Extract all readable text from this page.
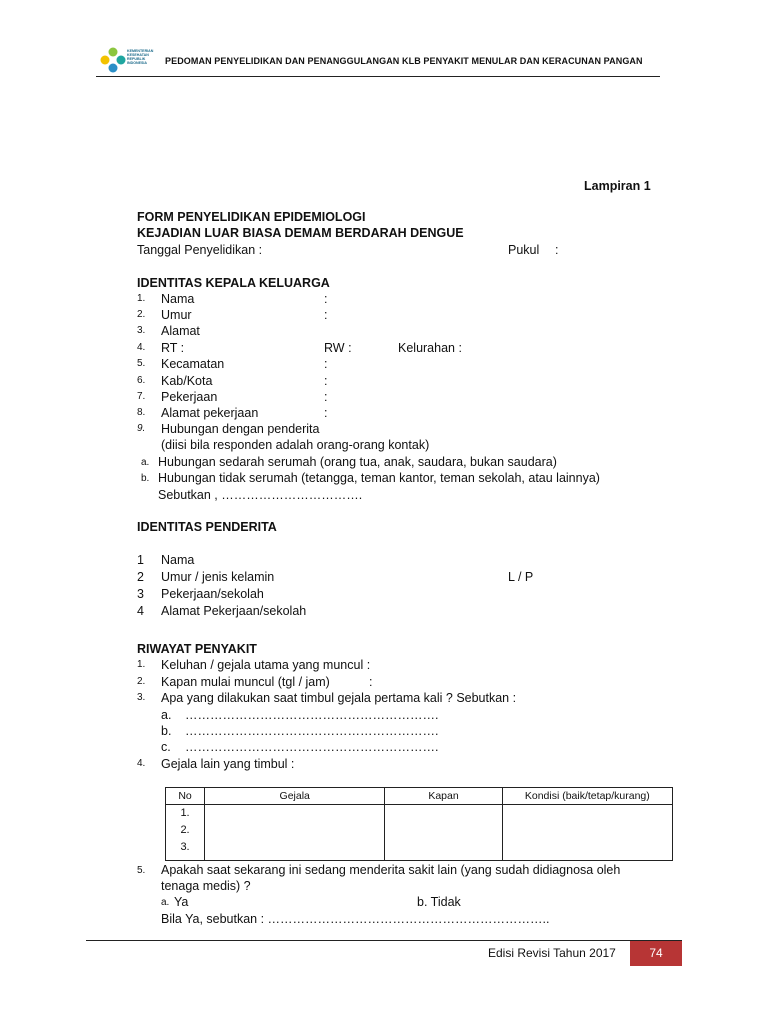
KEMENTERIAN
KESEHATAN
REPUBLIK
INDONESIA	PEDOMAN PENYELIDIKAN DAN PENANGGULANGAN KLB PENYAKIT MENULAR DAN KERACUNAN PANGAN
Lampiran 1
FORM PENYELIDIKAN EPIDEMIOLOGI
KEJADIAN LUAR BIASA DEMAM BERDARAH DENGUE
Tanggal Penyelidikan :	Pukul :
IDENTITAS KEPALA KELUARGA
1. Nama	:
2. Umur	:
3. Alamat
4. RT :	RW :	Kelurahan :
5. Kecamatan	:
6. Kab/Kota	:
7. Pekerjaan	:
8. Alamat pekerjaan	:
9. Hubungan dengan penderita
(diisi bila responden adalah orang-orang kontak)
a. Hubungan sedarah serumah (orang tua, anak, saudara, bukan saudara)
b. Hubungan tidak serumah (tetangga, teman kantor, teman sekolah, atau lainnya)
Sebutkan , …………………………….
IDENTITAS PENDERITA
1 Nama
2 Umur / jenis kelamin	L / P
3 Pekerjaan/sekolah
4 Alamat Pekerjaan/sekolah
RIWAYAT PENYAKIT
1. Keluhan / gejala utama yang muncul :
2. Kapan mulai muncul (tgl / jam)	:
3. Apa yang dilakukan saat timbul gejala pertama kali ? Sebutkan :
a. …………………………………………………….
b. …………………………………………………….
c. …………………………………………………….
4. Gejala lain yang timbul :
No	Gejala	Kapan	Kondisi (baik/tetap/kurang)

1.
2.
3.			

5. Apakah saat sekarang ini sedang menderita sakit lain (yang sudah didiagnosa oleh
tenaga medis) ?
a. Ya	b. Tidak
Bila Ya, sebutkan : …………………………………………………………..
Edisi Revisi Tahun 2017	74
